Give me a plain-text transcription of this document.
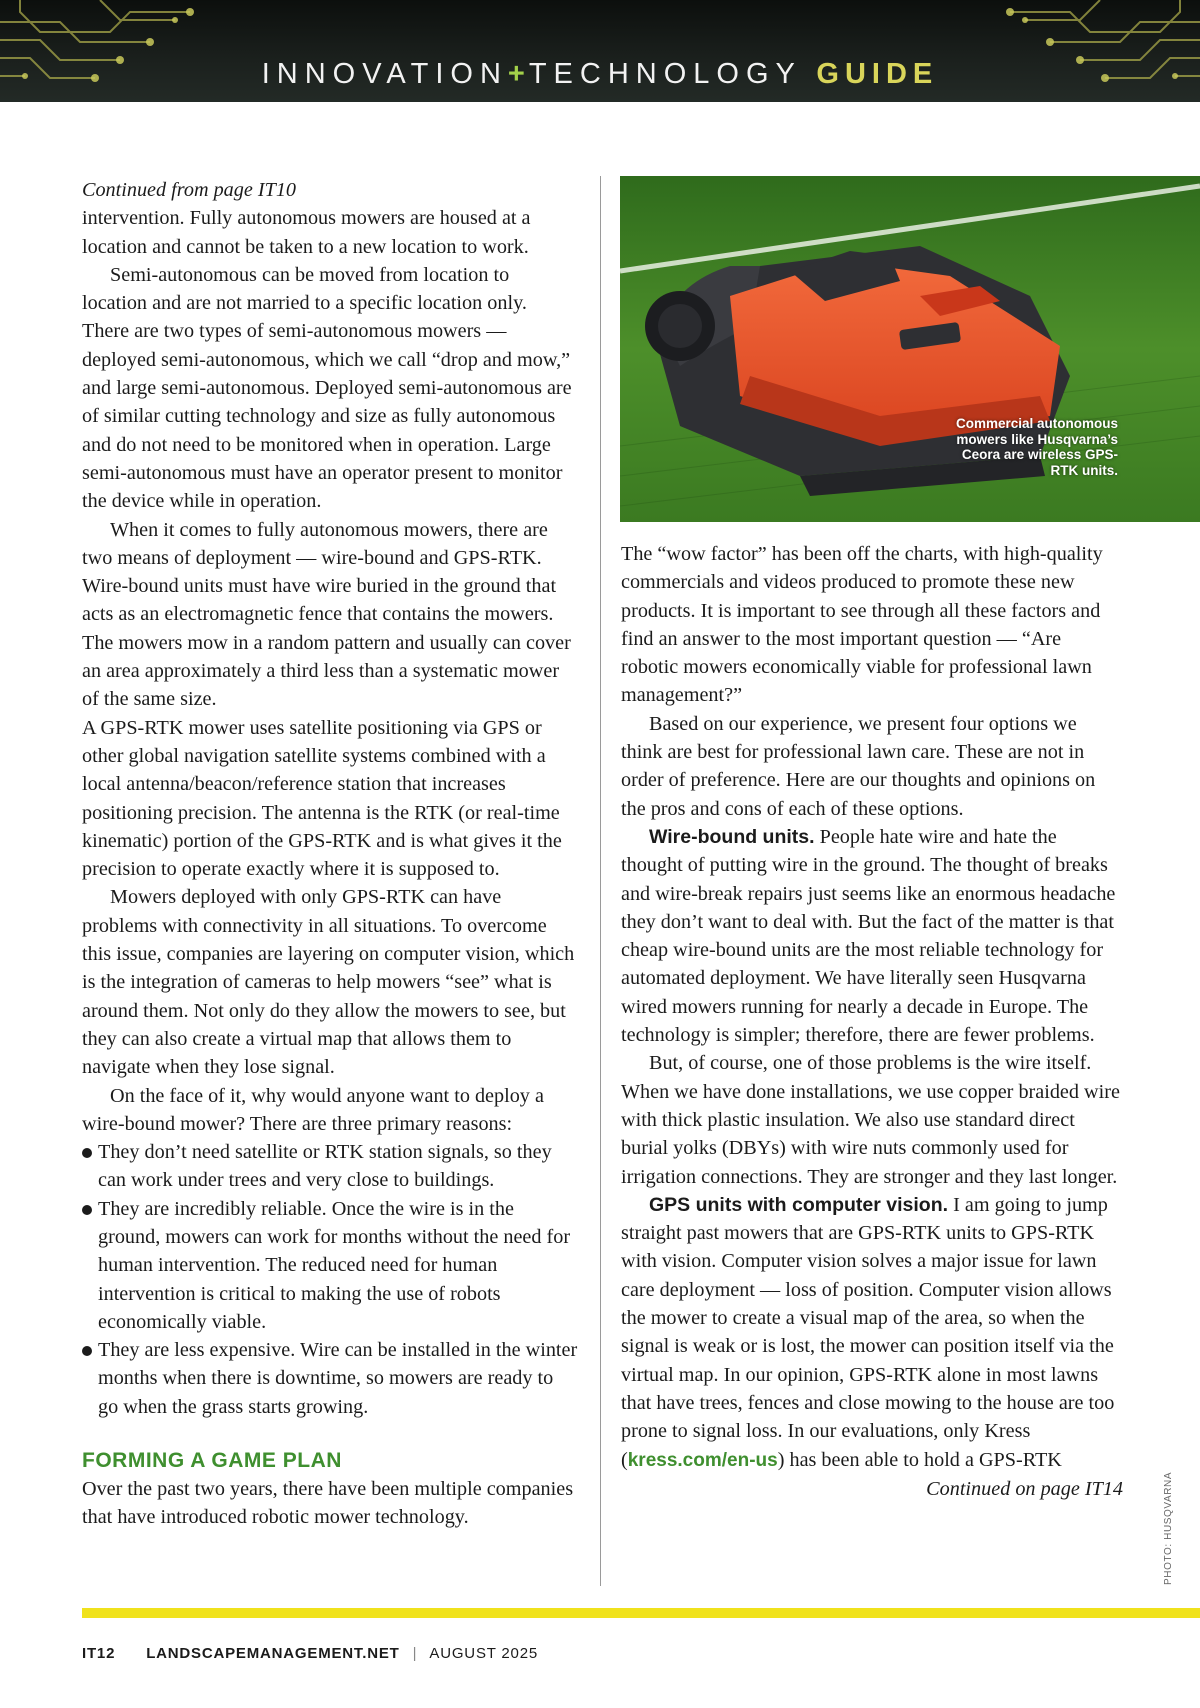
INNOVATION+TECHNOLOGY GUIDE

Continued from page IT10

intervention. Fully autonomous mowers are housed at a location and cannot be taken to a new location to work.

Semi-autonomous can be moved from location to location and are not married to a specific location only. There are two types of semi-autonomous mowers — deployed semi-autonomous, which we call “drop and mow,” and large semi-autonomous. Deployed semi-autonomous are of similar cutting technology and size as fully autonomous and do not need to be monitored when in operation. Large semi-autonomous must have an operator present to monitor the device while in operation.

When it comes to fully autonomous mowers, there are two means of deployment — wire-bound and GPS-RTK. Wire-bound units must have wire buried in the ground that acts as an electromagnetic fence that contains the mowers. The mowers mow in a random pattern and usually can cover an area approximately a third less than a systematic mower of the same size.

A GPS-RTK mower uses satellite positioning via GPS or other global navigation satellite systems combined with a local antenna/beacon/reference station that increases positioning precision. The antenna is the RTK (or real-time kinematic) portion of the GPS-RTK and is what gives it the precision to operate exactly where it is supposed to.

Mowers deployed with only GPS-RTK can have problems with connectivity in all situations. To overcome this issue, companies are layering on computer vision, which is the integration of cameras to help mowers “see” what is around them. Not only do they allow the mowers to see, but they can also create a virtual map that allows them to navigate when they lose signal.

On the face of it, why would anyone want to deploy a wire-bound mower? There are three primary reasons:

They don’t need satellite or RTK station signals, so they can work under trees and very close to buildings.
They are incredibly reliable. Once the wire is in the ground, mowers can work for months without the need for human intervention. The reduced need for human intervention is critical to making the use of robots economically viable.
They are less expensive. Wire can be installed in the winter months when there is downtime, so mowers are ready to go when the grass starts growing.
FORMING A GAME PLAN

Over the past two years, there have been multiple companies that have introduced robotic mower technology.

Commercial autonomous mowers like Husqvarna’s Ceora are wireless GPS-RTK units.
PHOTO: HUSQVARNA

The “wow factor” has been off the charts, with high-quality commercials and videos produced to promote these new products. It is important to see through all these factors and find an answer to the most important question — “Are robotic mowers economically viable for professional lawn management?”

Based on our experience, we present four options we think are best for professional lawn care. These are not in order of preference. Here are our thoughts and opinions on the pros and cons of each of these options.

Wire-bound units. People hate wire and hate the thought of putting wire in the ground. The thought of breaks and wire-break repairs just seems like an enormous headache they don’t want to deal with. But the fact of the matter is that cheap wire-bound units are the most reliable technology for automated deployment. We have literally seen Husqvarna wired mowers running for nearly a decade in Europe. The technology is simpler; therefore, there are fewer problems.

But, of course, one of those problems is the wire itself. When we have done installations, we use copper braided wire with thick plastic insulation. We also use standard direct burial yolks (DBYs) with wire nuts commonly used for irrigation connections. They are stronger and they last longer.

GPS units with computer vision. I am going to jump straight past mowers that are GPS-RTK units to GPS-RTK with vision. Computer vision solves a major issue for lawn care deployment — loss of position. Computer vision allows the mower to create a visual map of the area, so when the signal is weak or is lost, the mower can position itself via the virtual map. In our opinion, GPS-RTK alone in most lawns that have trees, fences and close mowing to the house are too prone to signal loss. In our evaluations, only Kress (kress.com/en-us) has been able to hold a GPS-RTK

Continued on page IT14

IT12 LANDSCAPEMANAGEMENT.NET | AUGUST 2025
